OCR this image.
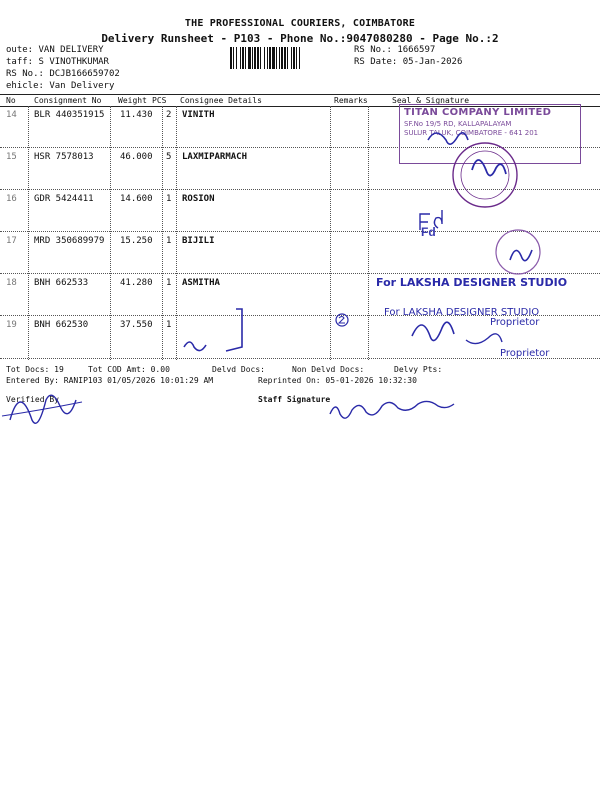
THE PROFESSIONAL COURIERS, COIMBATORE
Delivery Runsheet - P103 - Phone No.:9047080280 - Page No.:2
oute: VAN DELIVERY
taff: S VINOTHKUMAR
RS No.: DCJB166659702
ehicle: Van Delivery
RS No.: 1666597
RS Date: 05-Jan-2026
No Consignment No Weight PCS Consignee Details	Remarks	Seal & Signature
14 BLR 440351915 11.430 2 VINITH
15 HSR 7578013	46.000 5 LAXMIPARMACH
16 GDR 5424411	14.600 1 ROSION
17 MRD 350689979 15.250 1 BIJILI
18 BNH 662533	41.280 1 ASMITHA
19 BNH 662530	37.550 1
TITAN COMPANY LIMITED
SF.No 19/5 RD, KALLAPALAYAM
SULUR TALUK, COIMBATORE - 641 201
Fd
For LAKSHA DESIGNER STUDIO
For LAKSHA DESIGNER STUDIO
Proprietor
Proprietor
Tot Docs: 19	Tot COD Amt: 0.00	Delvd Docs:	Non Delvd Docs:	Delvy Pts:
Entered By: RANIP103 01/05/2026 10:01:29 AM	Reprinted On: 05-01-2026 10:32:30
Verified By	Staff Signature
